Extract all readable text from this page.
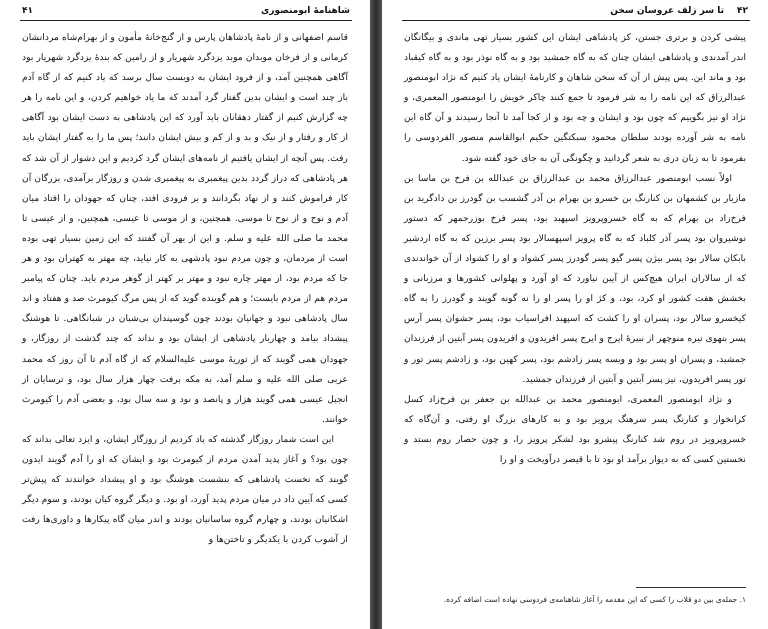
۴۱	شاهنامهٔ ابومنصوری

قاسم اصفهانی و از نامهٔ پادشاهان پارس و از گنج‌خانهٔ مأمون و از بهرام‌شاه مردانشان کرمانی و از فرخان موبدان موبد یزدگرد شهریار و از رامین که بندهٔ یزدگرد شهریار بود آگاهی همچنین آمد، و از فرود ایشان به دویست سال برسد که یاد کنیم که از گاه آدم باز چند است و ایشان بدین گفتار گرد آمدند که ما یاد خواهیم کردن، و این نامه را هر چه گزارش کنیم از گفتار دهقانان باید آورد که این پادشاهی به دست ایشان بود آگاهی از کار و رفتار و از نیک و بد و از کم و بیش ایشان دانند؛ پس ما را به گفتار ایشان باید رفت. پس آنچه از ایشان یافتیم از نامه‌های ایشان گرد کردیم و این دشوار از آن شد که هر پادشاهی که دراز گردد بدین پیغمبری به پیغمبری شدن و روزگار برآمدی، بزرگان آن کار فراموش کنند و از نهاد بگردانند و بر فرودی افتد، چنان که جهودان را افتاد میان آدم و نوح و از نوح تا موسی. همچنین، و از موسی تا عیسی، همچنین، و از عیسی تا محمد ما صلی الله علیه و سلم. و این از بهر آن گفتند که این زمین بسیار تهی بوده است از مردمان، و چون مردم نبود پادشهی به کار نیاید، چه مهتر به کهتران بود و هر جا که مردم بود، از مهتر چاره نبود و مهتر بر کهتر از گوهر مردم باید. چنان که پیامبر مردم هم از مردم بایست؛ و هم گوینده گوید که از پس مرگ کیومرث صد و هفتاد و اند سال پادشاهی نبود و جهانیان بودند چون گوسپندان بی‌شبان در شبانگاهی. تا هوشنگ پیشداد بیامد و چهاربار پادشاهی از ایشان بود و نداند که چند گذشت از روزگار، و جهودان همی گویند که از توریهٔ موسی علیه‌السلام که از گاه آدم تا آن روز که محمد عربی صلی الله علیه و سلم آمد، به مکه برفت چهار هزار سال بود، و ترسایان از انجیل عیسی همی گویند هزار و پانصد و نود و سه سال بود، و بعضی آدم را کیومرث خوانند.

این است شمار روزگار گذشته که یاد کردیم از روزگار ایشان، و ایزد تعالی بداند که چون بود؟ و آغاز پدید آمدن مردم از کیومرث بود و ایشان که او را آدم گویند ایدون گویند که نخست پادشاهی که بنشست هوشنگ بود و او پیشداد خوانندند که پیش‌تر کسی که آیین داد در میان مردم پدید آورد، او بود. و دیگر گروه کیان بودند، و سوم دیگر اشکانیان بودند، و چهارم گروه ساسانیان بودند و اندر میان گاه پیکارها و داوری‌ها رفت از آشوب کردن با یکدیگر و تاختن‌ها و

۴۲
تا سر زلف عروسان سخن

پیشی کردن و برتری جستن، کز پادشاهی ایشان این کشور بسیار تهی ماندی و بیگانگان اندر آمدندی و پادشاهی ایشان چنان که به گاه جمشید بود و به گاه نوذر بود و به گاه کیقباد بود و ماند این. پس پیش از آن که سخن شاهان و کارنامهٔ ایشان یاد کنیم که نژاد ابومنصور عبدالرزاق که این نامه را به شر فرمود تا جمع کنند چاکر خویش را ابومنصور المعمری، و نژاد او نیز بگوییم که چون بود و ایشان و چه بود و از کجا آمد تا آنجا رسیدند و آن گاه این نامه به شر آورده بودند سلطان محمود سبکتگین حکیم ابوالقاسم منصور الفردوسی را بفرمود تا به زبان دری به شعر گردانید و چگونگی آن به جای خود گفته شود.

اولاً نسب ابومنصور عبدالرزاق محمد بن عبدالرزاق بن عبدالله بن فرخ بن ماسا بن مازیار بن کشمهان بن کنارنگ بن خسرو بن بهرام بن آذر گشسب بن گودرز بن دادگرید بن فرخ‌زاد بن بهرام که به گاه خسروپرویز اسپهبد بود، پسر فرخ بوزرجمهر که دستور نوشیروان بود پسر آذر کلباد که به گاه پرویز اسپهسالار بود پسر برزین که به گاه اردشیر بابکان سالار بود پسر بیژن پسر گیو پسر گودرز پسر کشواد و او را کشواد از آن خواندندی که از سالاران ایران هیچ‌کس از آیین نیاورد که او آورد و پهلوانی کشورها و مرزبانی و بخشش هفت کشور او کرد، بود، و کژ او را پسر او را نه گونه گویند و گودرز را به گاه کیخسرو سالار بود، پسران او را کشت که اسپهبد افراسیاب بود، پسر حشوان پسر آرس پسر بنهوی تیره منوچهر از نبیرهٔ ایرج و ایرج پسر افریدون و افریدون پسر آبتین از فرزندان جمشید، و پسران او پسر بود و ویسه پسر زادشم بود، پسر کهین بود، و زادشم پسر تور و تور پسر افریدون، نیز پسر آبتین و آبتین از فرزندان جمشید.

و نژاد ابومنصور المعمری، ابومنصور محمد بن عبدالله بن جعفر بن فرخ‌زاد کسل کرانخوار و کنارنگ پسر سرهنگ پرویز بود و به کارهای بزرگ او رفتی، و آن‌گاه که خسروپرویز در روم شد کنارنگ پیشرو بود لشکر پرویز را، و چون حصار روم بستد و نخستین کسی که به دیوار برآمد او بود تا با قیصر درآویخت و او را

۱. جمله‌ی بین دو قلاب را کسی که این مقدمه را آغاز شاهنامه‌ی فردوسی نهاده است اضافه کرده.
